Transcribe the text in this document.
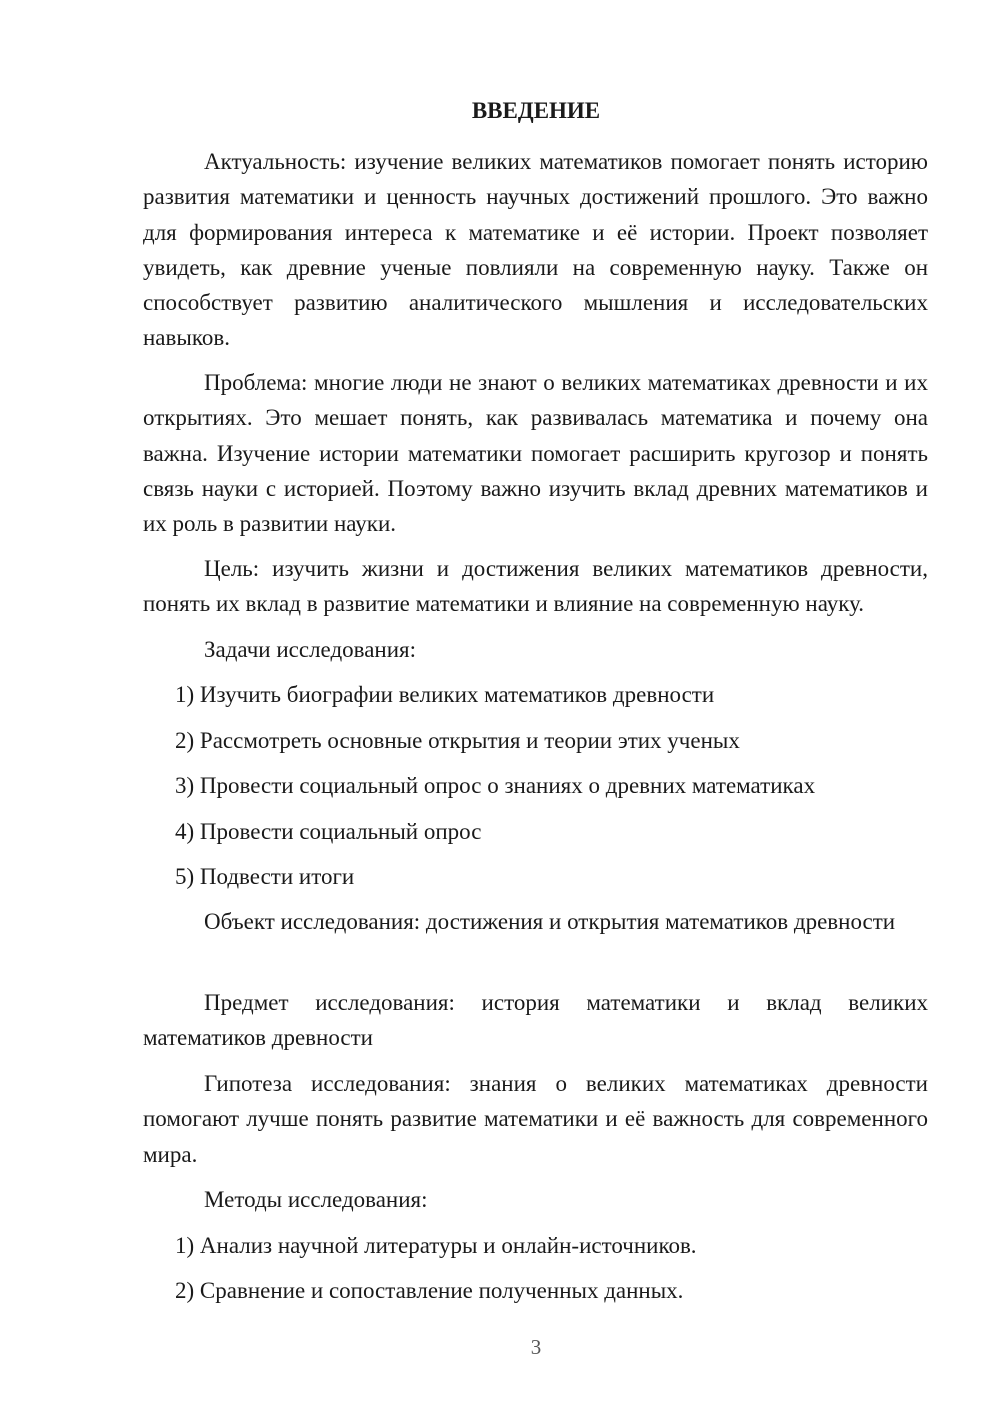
ВВЕДЕНИЕ

Актуальность: изучение великих математиков помогает понять историю развития математики и ценность научных достижений прошлого. Это важно для формирования интереса к математике и её истории. Проект позволяет увидеть, как древние ученые повлияли на современную науку. Также он способствует развитию аналитического мышления и исследовательских навыков.

Проблема: многие люди не знают о великих математиках древности и их открытиях. Это мешает понять, как развивалась математика и почему она важна. Изучение истории математики помогает расширить кругозор и понять связь науки с историей. Поэтому важно изучить вклад древних математиков и их роль в развитии науки.

Цель: изучить жизни и достижения великих математиков древности, понять их вклад в развитие математики и влияние на современную науку.

Задачи исследования:

1) Изучить биографии великих математиков древности

2) Рассмотреть основные открытия и теории этих ученых

3) Провести социальный опрос о знаниях о древних математиках

4) Провести социальный опрос

5) Подвести итоги

Объект исследования: достижения и открытия математиков древности

Предмет исследования: история математики и вклад великих математиков древности

Гипотеза исследования: знания о великих математиках древности помогают лучше понять развитие математики и её важность для современного мира.

Методы исследования:

1) Анализ научной литературы и онлайн-источников.

2) Сравнение и сопоставление полученных данных.

3
